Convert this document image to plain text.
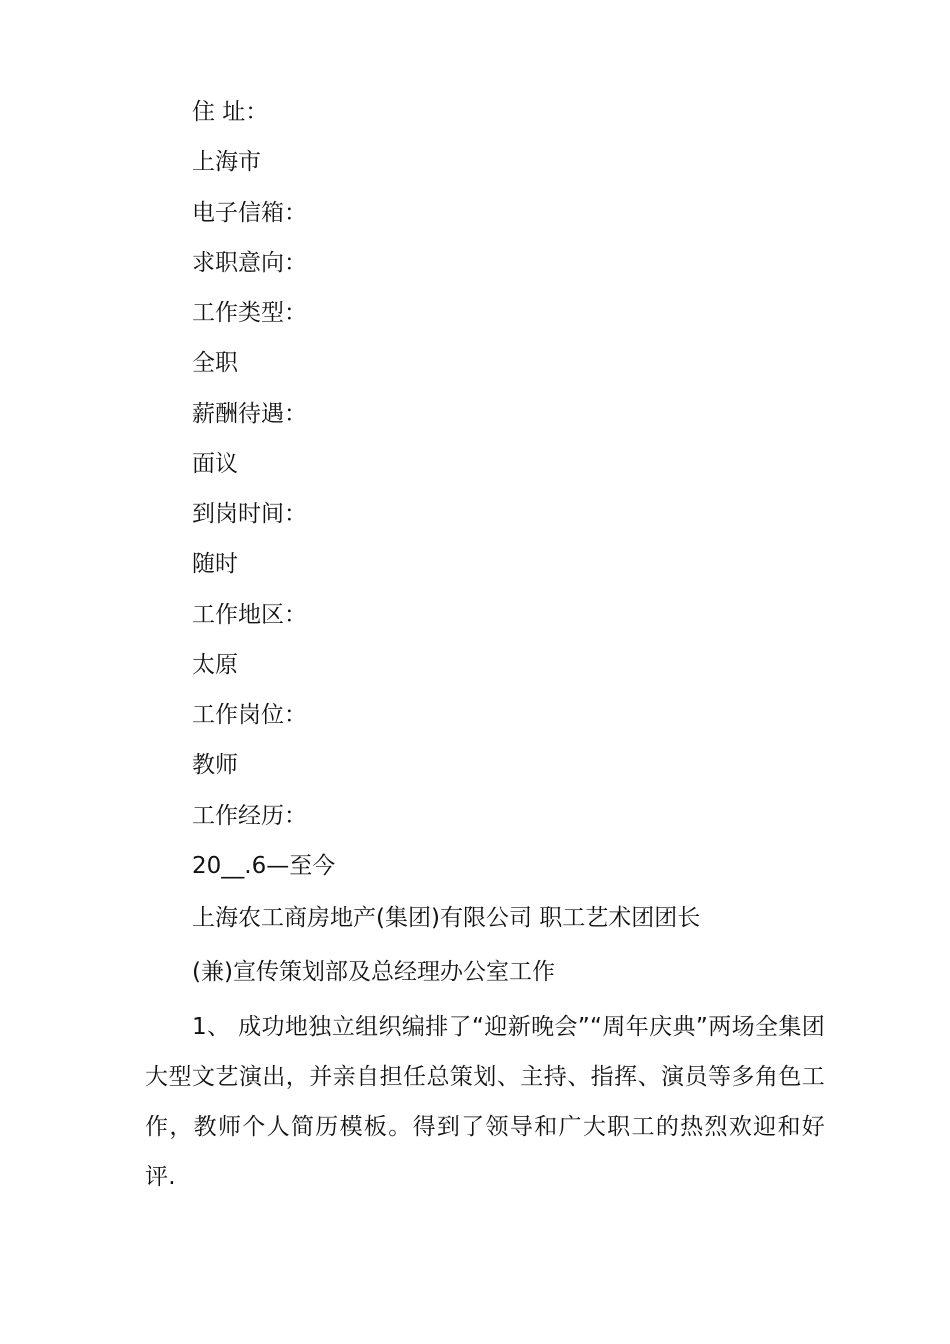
住 址：
上海市
电子信箱：
求职意向：
工作类型：
全职
薪酬待遇：
面议
到岗时间：
随时
工作地区：
太原
工作岗位：
教师
工作经历：
20__.6—至今
上海农工商房地产(集团)有限公司 职工艺术团团长
(兼)宣传策划部及总经理办公室工作
1、 成功地独立组织编排了“迎新晚会”“周年庆典”两场全集团大型文艺演出，并亲自担任总策划、主持、指挥、演员等多角色工作，教师个人简历模板。得到了领导和广大职工的热烈欢迎和好评.
